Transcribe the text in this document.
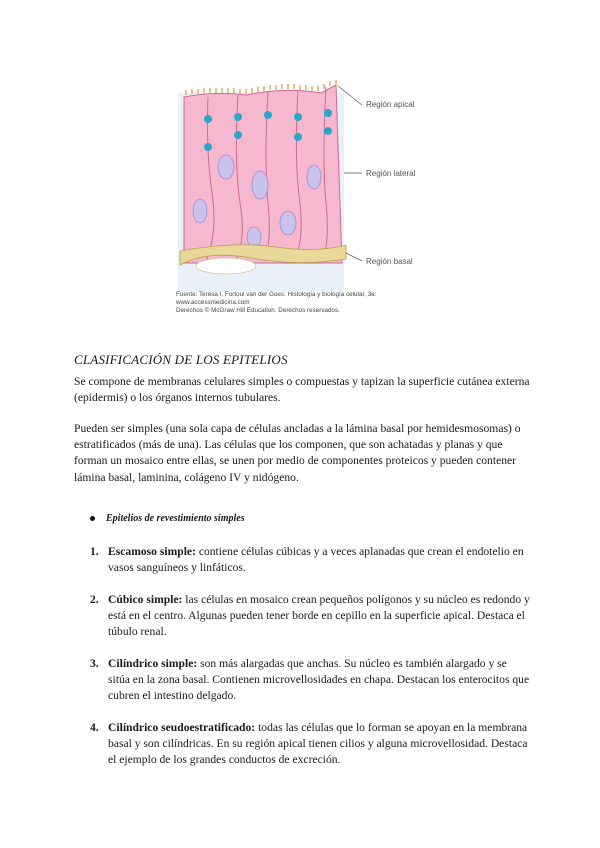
Región apical
Región lateral
Región basal
Fuente: Teresa I. Fortoul van der Goes: Histología y biología celular, 3e:
www.accessmedicina.com
Derechos © McGraw Hill Education. Derechos reservados.
CLASIFICACIÓN DE LOS EPITELIOS
Se compone de membranas celulares simples o compuestas y tapizan la superficie cutánea externa (epidermis) o los órganos internos tubulares.
Pueden ser simples (una sola capa de células ancladas a la lámina basal por hemidesmosomas) o estratificados (más de una). Las células que los componen, que son achatadas y planas y que forman un mosaico entre ellas, se unen por medio de componentes proteicos y pueden contener lámina basal, laminina, colágeno IV y nidógeno.
Epitelios de revestimiento simples
1. Escamoso simple: contiene células cúbicas y a veces aplanadas que crean el endotelio en vasos sanguíneos y linfáticos.
2. Cúbico simple: las células en mosaico crean pequeños polígonos y su núcleo es redondo y está en el centro. Algunas pueden tener borde en cepillo en la superficie apical. Destaca el túbulo renal.
3. Cilíndrico simple: son más alargadas que anchas. Su núcleo es también alargado y se sitúa en la zona basal. Contienen microvellosidades en chapa. Destacan los enterocitos que cubren el intestino delgado.
4. Cilíndrico seudoestratificado: todas las células que lo forman se apoyan en la membrana basal y son cilíndricas. En su región apical tienen cilios y alguna microvellosidad. Destaca el ejemplo de los grandes conductos de excreción.
